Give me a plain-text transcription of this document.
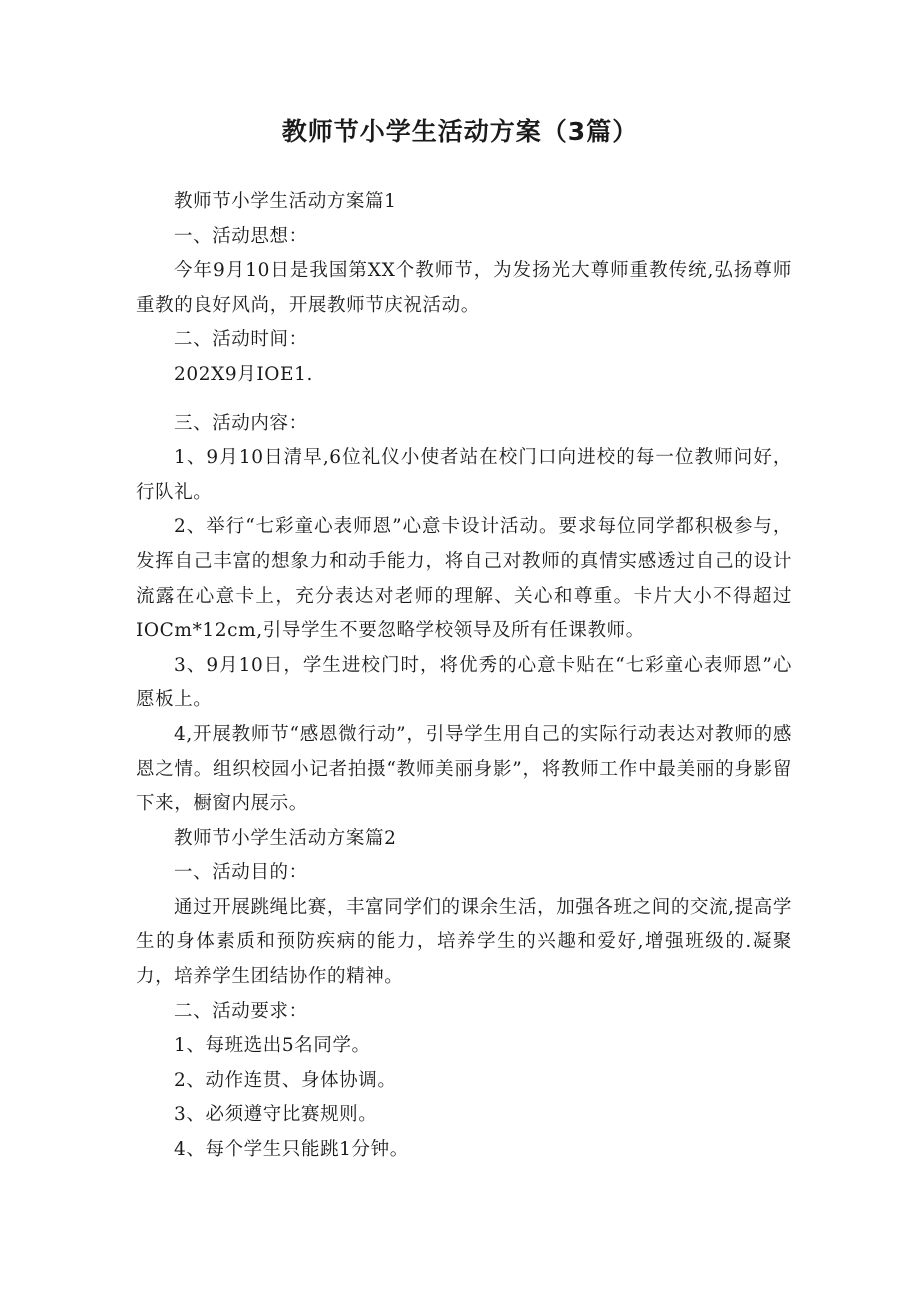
教师节小学生活动方案（3篇）

教师节小学生活动方案篇1

一、活动思想：

今年9月10日是我国第XX个教师节，为发扬光大尊师重教传统,弘扬尊师重教的良好风尚，开展教师节庆祝活动。

二、活动时间：

202X9月IOE1.

三、活动内容：

1、9月10日清早,6位礼仪小使者站在校门口向进校的每一位教师问好，行队礼。

2、举行“七彩童心表师恩”心意卡设计活动。要求每位同学都积极参与，发挥自己丰富的想象力和动手能力，将自己对教师的真情实感透过自己的设计流露在心意卡上，充分表达对老师的理解、关心和尊重。卡片大小不得超过IOCm*12cm,引导学生不要忽略学校领导及所有任课教师。

3、9月10日，学生进校门时，将优秀的心意卡贴在“七彩童心表师恩”心愿板上。

4,开展教师节“感恩微行动”，引导学生用自己的实际行动表达对教师的感恩之情。组织校园小记者拍摄“教师美丽身影”，将教师工作中最美丽的身影留下来，橱窗内展示。

教师节小学生活动方案篇2

一、活动目的：

通过开展跳绳比赛，丰富同学们的课余生活，加强各班之间的交流,提高学生的身体素质和预防疾病的能力，培养学生的兴趣和爱好,增强班级的.凝聚力，培养学生团结协作的精神。

二、活动要求：

1、每班选出5名同学。

2、动作连贯、身体协调。

3、必须遵守比赛规则。

4、每个学生只能跳1分钟。
